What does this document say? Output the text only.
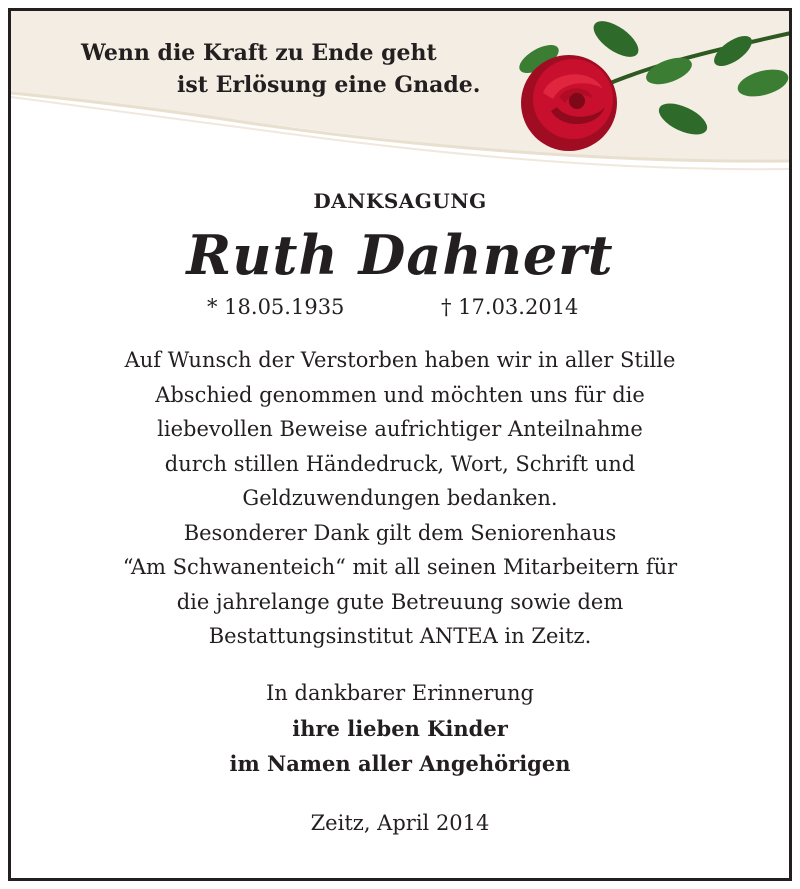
Wenn die Kraft zu Ende geht
ist Erlösung eine Gnade.
DANKSAGUNG
Ruth Dahnert
* 18.05.1935	† 17.03.2014
Auf Wunsch der Verstorben haben wir in aller Stille
Abschied genommen und möchten uns für die
liebevollen Beweise aufrichtiger Anteilnahme
durch stillen Händedruck, Wort, Schrift und
Geldzuwendungen bedanken.
Besonderer Dank gilt dem Seniorenhaus
“Am Schwanenteich“ mit all seinen Mitarbeitern für
die jahrelange gute Betreuung sowie dem
Bestattungsinstitut ANTEA in Zeitz.
In dankbarer Erinnerung
ihre lieben Kinder
im Namen aller Angehörigen
Zeitz, April 2014
